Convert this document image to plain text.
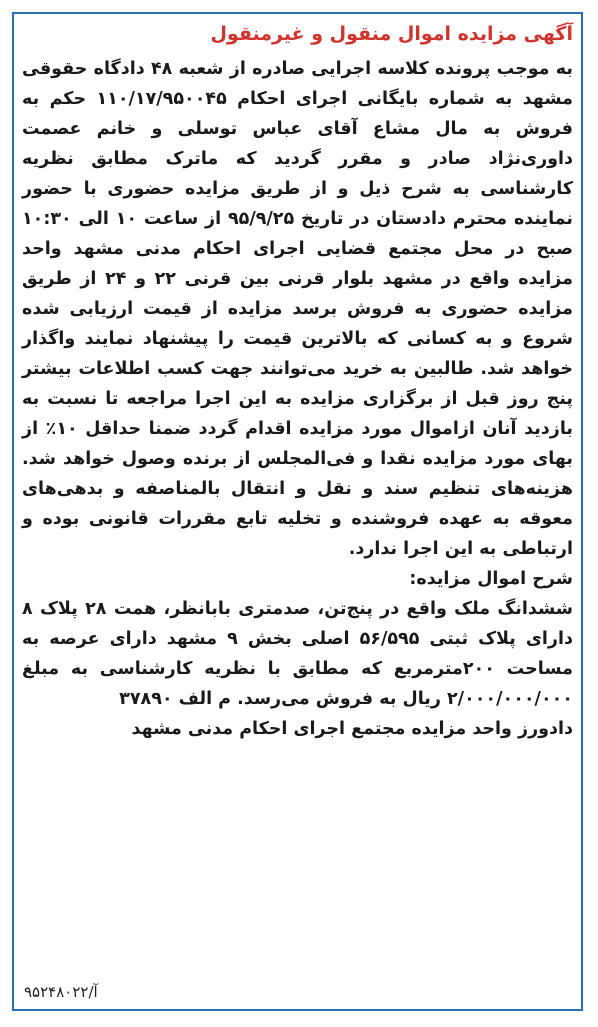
آگهی مزایده اموال منقول و غیرمنقول

به موجب پرونده کلاسه اجرایی صادره از شعبه ۴۸ دادگاه حقوقی مشهد به شماره بایگانی اجرای احکام ۱۱۰/۱۷/۹۵۰۰۴۵ حکم به فروش به مال مشاع آقای عباس توسلی و خانم عصمت داوری‌نژاد صادر و مقرر گردید که ماترک مطابق نظریه کارشناسی به شرح ذیل و از طریق مزایده حضوری با حضور نماینده محترم دادستان در تاریخ ۹۵/۹/۲۵ از ساعت ۱۰ الی ۱۰:۳۰ صبح در محل مجتمع قضایی اجرای احکام مدنی مشهد واحد مزایده واقع در مشهد بلوار قرنی بین قرنی ۲۲ و ۲۴ از طریق مزایده حضوری به فروش برسد مزایده از قیمت ارزیابی شده شروع و به کسانی که بالاترین قیمت را پیشنهاد نمایند واگذار خواهد شد. طالبین به خرید می‌توانند جهت کسب اطلاعات بیشتر پنج روز قبل از برگزاری مزایده به این اجرا مراجعه تا نسبت به بازدید آنان ازاموال مورد مزایده اقدام گردد ضمنا حداقل ۱۰٪ از بهای مورد مزایده نقدا و فی‌المجلس از برنده وصول خواهد شد. هزینه‌های تنظیم سند و نقل و انتقال بالمناصفه و بدهی‌های معوقه به عهده فروشنده و تخلیه تابع مقررات قانونی بوده و ارتباطی به این اجرا ندارد.

شرح اموال مزایده:

ششدانگ ملک واقع در پنج‌تن، صدمتری بابانظر، همت ۲۸ پلاک ۸ دارای پلاک ثبتی ۵۶/۵۹۵ اصلی بخش ۹ مشهد دارای عرصه به مساحت ۲۰۰مترمربع که مطابق با نظریه کارشناسی به مبلغ ۲/۰۰۰/۰۰۰/۰۰۰ ریال به فروش می‌رسد. م الف ۳۷۸۹۰

دادورز واحد مزایده مجتمع اجرای احکام مدنی مشهد

آ/۹۵۲۴۸۰۲۲
